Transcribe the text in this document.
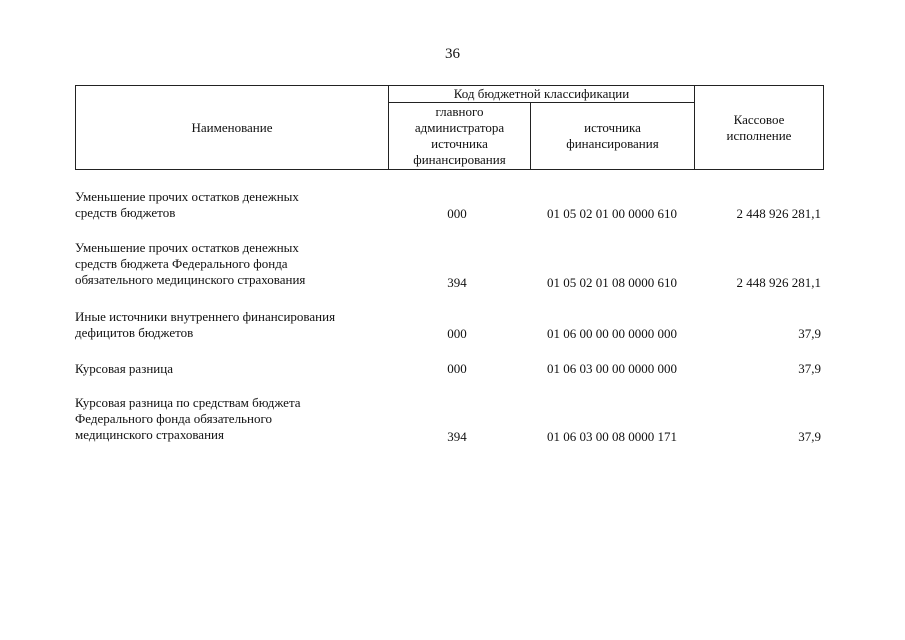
36
Наименование	Код бюджетной классификации		Кассовое исполнение
	главного администратора источника финансирования	источника финансирования	
Уменьшение прочих остатков денежных
средств бюджетов	000	01 05 02 01 00 0000 610	2 448 926 281,1
Уменьшение прочих остатков денежных
средств бюджета Федерального фонда
обязательного медицинского страхования	394	01 05 02 01 08 0000 610	2 448 926 281,1
Иные источники внутреннего финансирования
дефицитов бюджетов	000	01 06 00 00 00 0000 000	37,9
Курсовая разница	000	01 06 03 00 00 0000 000	37,9
Курсовая разница по средствам бюджета
Федерального фонда обязательного
медицинского страхования	394	01 06 03 00 08 0000 171	37,9
